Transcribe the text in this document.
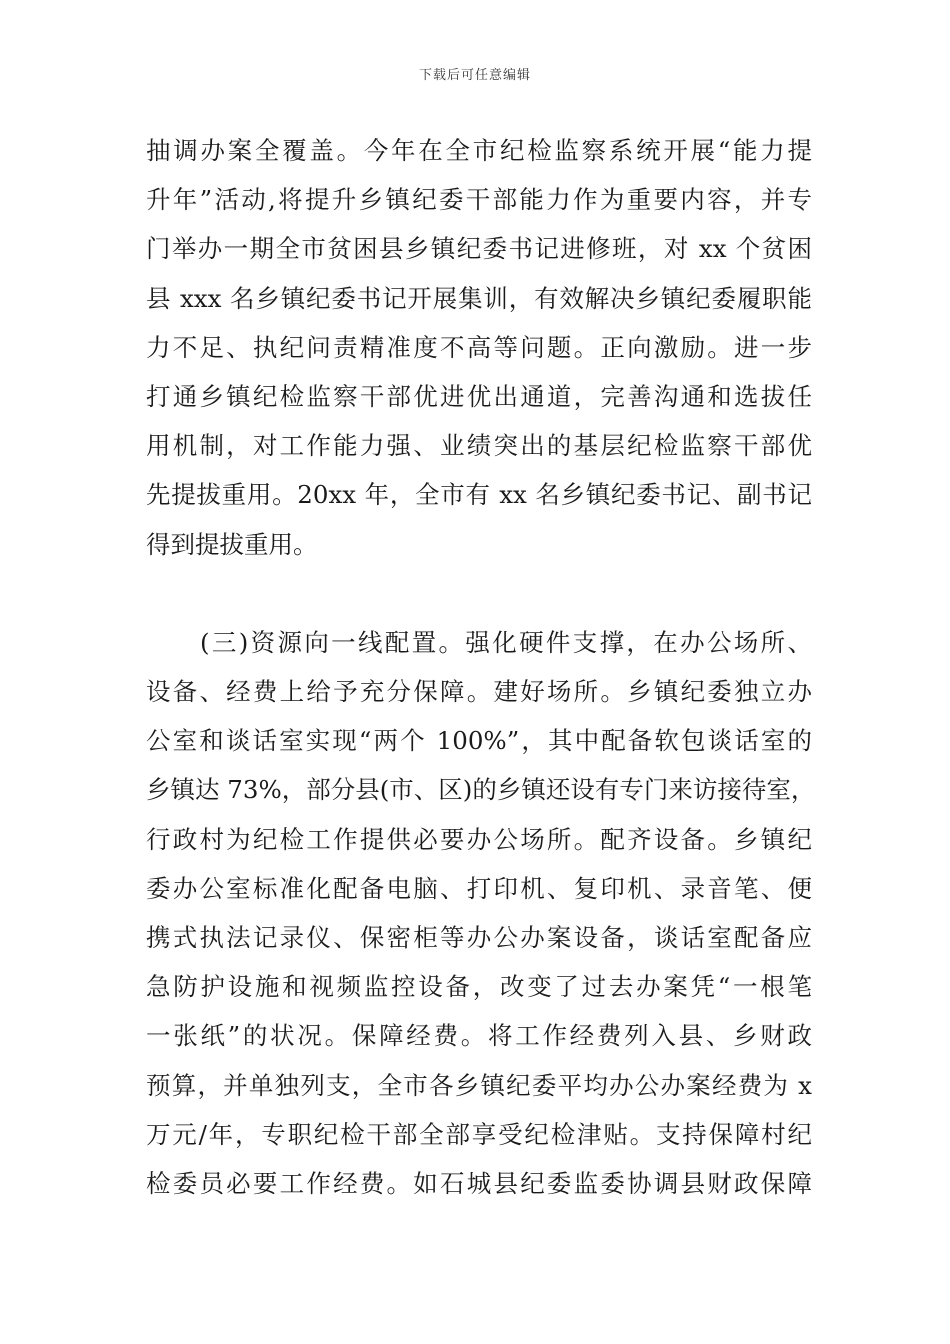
下载后可任意编辑
抽调办案全覆盖。今年在全市纪检监察系统开展“能力提
升年”活动,将提升乡镇纪委干部能力作为重要内容，并专
门举办一期全市贫困县乡镇纪委书记进修班，对 xx 个贫困
县 xxx 名乡镇纪委书记开展集训，有效解决乡镇纪委履职能
力不足、执纪问责精准度不高等问题。正向激励。进一步
打通乡镇纪检监察干部优进优出通道，完善沟通和选拔任
用机制，对工作能力强、业绩突出的基层纪检监察干部优
先提拔重用。20xx 年，全市有 xx 名乡镇纪委书记、副书记
得到提拔重用。
(三)资源向一线配置。强化硬件支撑，在办公场所、
设备、经费上给予充分保障。建好场所。乡镇纪委独立办
公室和谈话室实现“两个 100%”，其中配备软包谈话室的
乡镇达 73%，部分县(市、区)的乡镇还设有专门来访接待室，
行政村为纪检工作提供必要办公场所。配齐设备。乡镇纪
委办公室标准化配备电脑、打印机、复印机、录音笔、便
携式执法记录仪、保密柜等办公办案设备，谈话室配备应
急防护设施和视频监控设备，改变了过去办案凭“一根笔
一张纸”的状况。保障经费。将工作经费列入县、乡财政
预算，并单独列支，全市各乡镇纪委平均办公办案经费为 x
万元/年，专职纪检干部全部享受纪检津贴。支持保障村纪
检委员必要工作经费。如石城县纪委监委协调县财政保障
